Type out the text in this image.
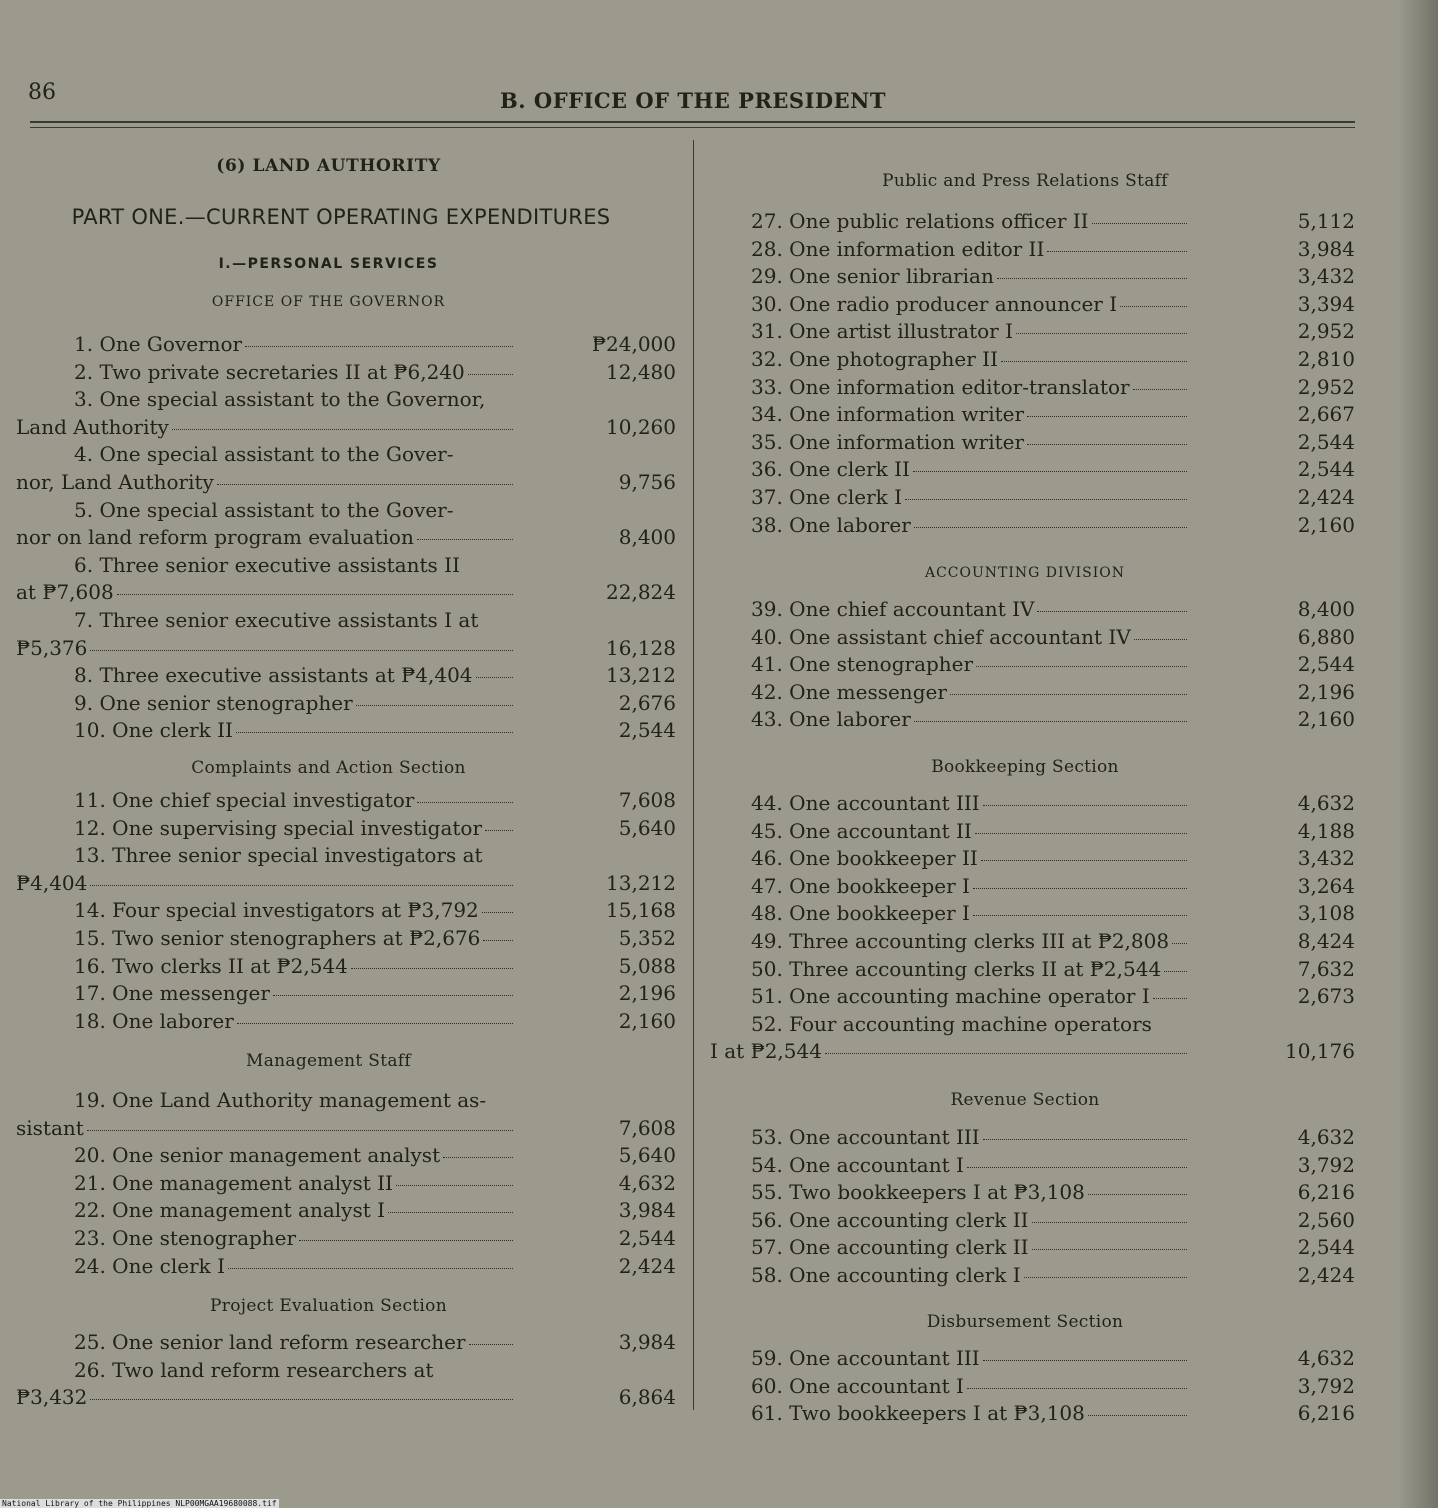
86	B. OFFICE OF THE PRESIDENT
(6) LAND AUTHORITY
PART ONE.—CURRENT OPERATING EXPENDITURES
I.—PERSONAL SERVICES
OFFICE OF THE GOVERNOR
Complaints and Action Section
Management Staff
Project Evaluation Section
1. One Governor	₱24,000
2. Two private secretaries II at ₱6,240	12,480
3. One special assistant to the Governor,
Land Authority	10,260
4. One special assistant to the Gover-
nor, Land Authority	9,756
5. One special assistant to the Gover-
nor on land reform program evaluation	8,400
6. Three senior executive assistants II
at ₱7,608	22,824
7. Three senior executive assistants I at
₱5,376	16,128
8. Three executive assistants at ₱4,404	13,212
9. One senior stenographer	2,676
10. One clerk II	2,544
11. One chief special investigator	7,608
12. One supervising special investigator	5,640
13. Three senior special investigators at
₱4,404	13,212
14. Four special investigators at ₱3,792	15,168
15. Two senior stenographers at ₱2,676	5,352
16. Two clerks II at ₱2,544	5,088
17. One messenger	2,196
18. One laborer	2,160
19. One Land Authority management as-
sistant	7,608
20. One senior management analyst	5,640
21. One management analyst II	4,632
22. One management analyst I	3,984
23. One stenographer	2,544
24. One clerk I	2,424
25. One senior land reform researcher	3,984
26. Two land reform researchers at
₱3,432	6,864
Public and Press Relations Staff
ACCOUNTING DIVISION
Bookkeeping Section
Revenue Section
Disbursement Section
27. One public relations officer II	5,112
28. One information editor II	3,984
29. One senior librarian	3,432
30. One radio producer announcer I	3,394
31. One artist illustrator I	2,952
32. One photographer II	2,810
33. One information editor-translator	2,952
34. One information writer	2,667
35. One information writer	2,544
36. One clerk II	2,544
37. One clerk I	2,424
38. One laborer	2,160
39. One chief accountant IV	8,400
40. One assistant chief accountant IV	6,880
41. One stenographer	2,544
42. One messenger	2,196
43. One laborer	2,160
44. One accountant III	4,632
45. One accountant II	4,188
46. One bookkeeper II	3,432
47. One bookkeeper I	3,264
48. One bookkeeper I	3,108
49. Three accounting clerks III at ₱2,808	8,424
50. Three accounting clerks II at ₱2,544	7,632
51. One accounting machine operator I	2,673
52. Four accounting machine operators
I at ₱2,544	10,176
53. One accountant III	4,632
54. One accountant I	3,792
55. Two bookkeepers I at ₱3,108	6,216
56. One accounting clerk II	2,560
57. One accounting clerk II	2,544
58. One accounting clerk I	2,424
59. One accountant III	4,632
60. One accountant I	3,792
61. Two bookkeepers I at ₱3,108	6,216
National Library of the Philippines NLP00MGAA19680088.tif
